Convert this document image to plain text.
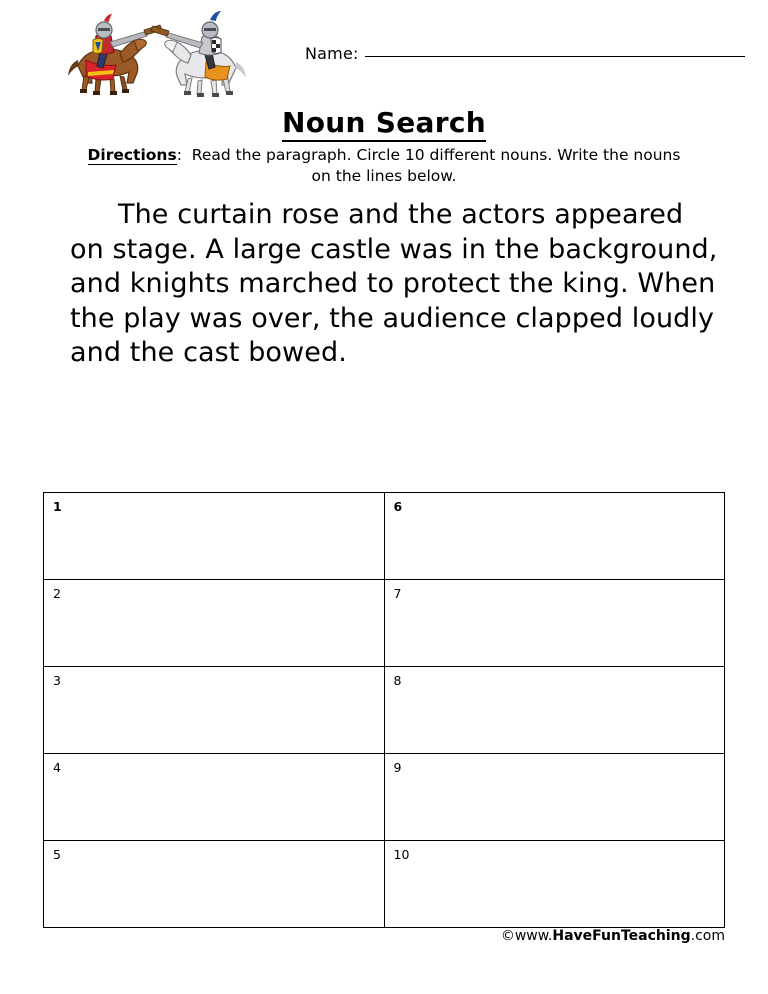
Name:
Noun Search
Directions: Read the paragraph. Circle 10 different nouns. Write the nouns
on the lines below.
The curtain rose and the actors appeared on stage. A large castle was in the background, and knights marched to protect the king. When the play was over, the audience clapped loudly and the cast bowed.
1	6
2	7
3	8
4	9
5	10
©www.HaveFunTeaching.com
